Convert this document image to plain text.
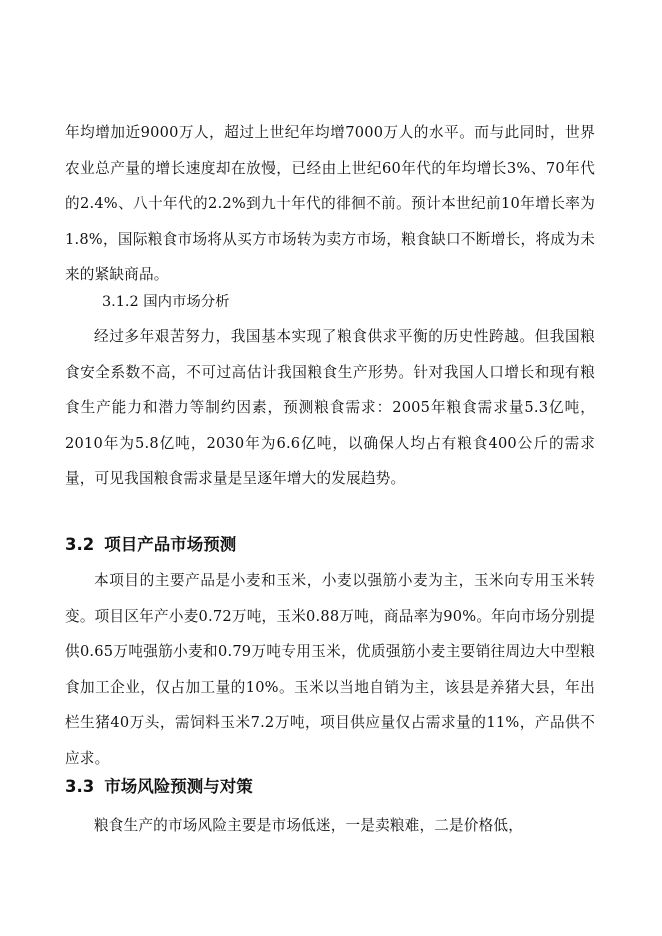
年均增加近9000万人，超过上世纪年均增7000万人的水平。而与此同时，世界农业总产量的增长速度却在放慢，已经由上世纪60年代的年均增长3%、70年代的2.4%、八十年代的2.2%到九十年代的徘徊不前。预计本世纪前10年增长率为1.8%，国际粮食市场将从买方市场转为卖方市场，粮食缺口不断增长，将成为未来的紧缺商品。

3.1.2 国内市场分析

经过多年艰苦努力，我国基本实现了粮食供求平衡的历史性跨越。但我国粮食安全系数不高，不可过高估计我国粮食生产形势。针对我国人口增长和现有粮食生产能力和潜力等制约因素，预测粮食需求：2005年粮食需求量5.3亿吨，2010年为5.8亿吨，2030年为6.6亿吨，以确保人均占有粮食400公斤的需求量，可见我国粮食需求量是呈逐年增大的发展趋势。

3.2 项目产品市场预测

本项目的主要产品是小麦和玉米，小麦以强筋小麦为主，玉米向专用玉米转变。项目区年产小麦0.72万吨，玉米0.88万吨，商品率为90%。年向市场分别提供0.65万吨强筋小麦和0.79万吨专用玉米，优质强筋小麦主要销往周边大中型粮食加工企业，仅占加工量的10%。玉米以当地自销为主，该县是养猪大县，年出栏生猪40万头，需饲料玉米7.2万吨，项目供应量仅占需求量的11%，产品供不应求。

3.3 市场风险预测与对策

粮食生产的市场风险主要是市场低迷，一是卖粮难，二是价格低，
